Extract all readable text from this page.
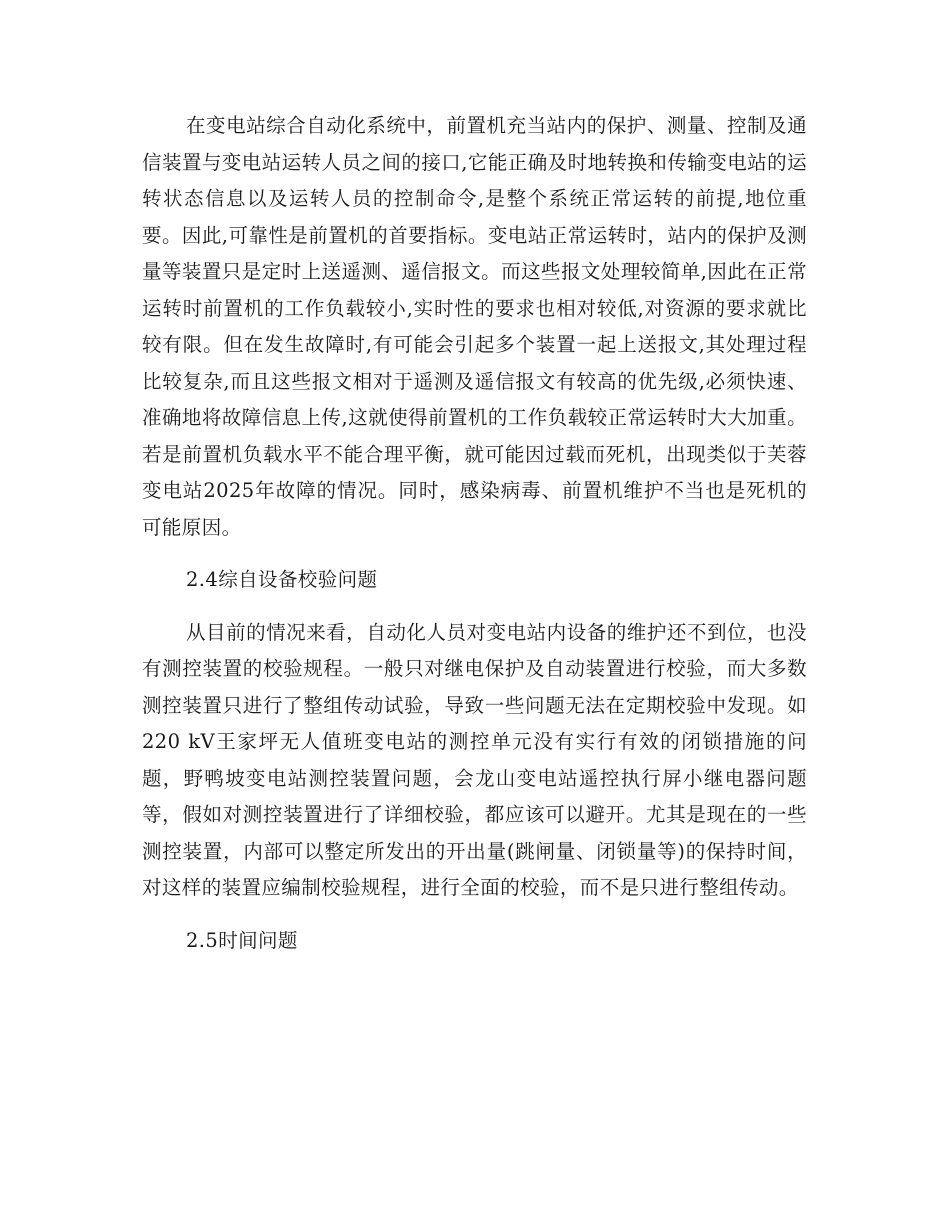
在变电站综合自动化系统中，前置机充当站内的保护、测量、控制及通信装置与变电站运转人员之间的接口,它能正确及时地转换和传输变电站的运转状态信息以及运转人员的控制命令,是整个系统正常运转的前提,地位重要。因此,可靠性是前置机的首要指标。变电站正常运转时，站内的保护及测量等装置只是定时上送遥测、遥信报文。而这些报文处理较简单,因此在正常运转时前置机的工作负载较小,实时性的要求也相对较低,对资源的要求就比较有限。但在发生故障时,有可能会引起多个装置一起上送报文,其处理过程比较复杂,而且这些报文相对于遥测及遥信报文有较高的优先级,必须快速、准确地将故障信息上传,这就使得前置机的工作负载较正常运转时大大加重。若是前置机负载水平不能合理平衡，就可能因过载而死机，出现类似于芙蓉变电站2025年故障的情况。同时，感染病毒、前置机维护不当也是死机的可能原因。

2.4综自设备校验问题

从目前的情况来看，自动化人员对变电站内设备的维护还不到位，也没有测控装置的校验规程。一般只对继电保护及自动装置进行校验，而大多数测控装置只进行了整组传动试验，导致一些问题无法在定期校验中发现。如220 kV王家坪无人值班变电站的测控单元没有实行有效的闭锁措施的问题，野鸭坡变电站测控装置问题，会龙山变电站遥控执行屏小继电器问题等，假如对测控装置进行了详细校验，都应该可以避开。尤其是现在的一些测控装置，内部可以整定所发出的开出量(跳闸量、闭锁量等)的保持时间，对这样的装置应编制校验规程，进行全面的校验，而不是只进行整组传动。

2.5时间问题
